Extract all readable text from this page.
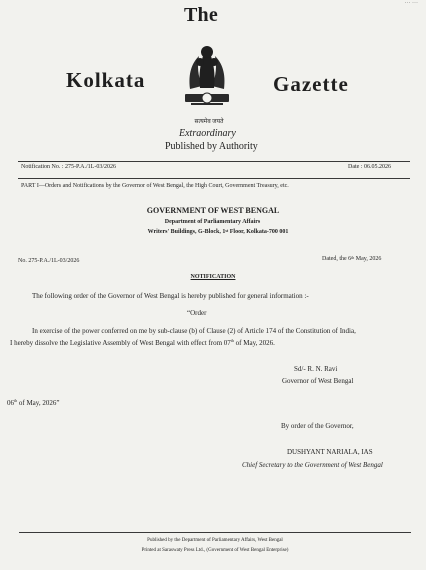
… …
The
Kolkata	Gazette
सत्यमेव जयते
Extraordinary
Published by Authority
Notification No. : 275-P.A./1L-03/2026	Date : 06.05.2026
PART I—Orders and Notifications by the Governor of West Bengal, the High Court, Government Treasury, etc.
GOVERNMENT OF WEST BENGAL
Department of Parliamentary Affairs
Writers' Buildings, G-Block, 1st Floor, Kolkata-700 001
No. 275-P.A./1L-03/2026	Dated, the 6th May, 2026
NOTIFICATION
The following order of the Governor of West Bengal is hereby published for general information :-
“Order
In exercise of the power conferred on me by sub-clause (b) of Clause (2) of Article 174 of the Constitution of India,
I hereby dissolve the Legislative Assembly of West Bengal with effect from 07th of May, 2026.
Sd/- R. N. Ravi
Governor of West Bengal
06th of May, 2026”
By order of the Governor,
DUSHYANT NARIALA, IAS
Chief Secretary to the Government of West Bengal
Published by the Department of Parliamentary Affairs, West Bengal
Printed at Saraswaty Press Ltd., (Government of West Bengal Enterprise)
